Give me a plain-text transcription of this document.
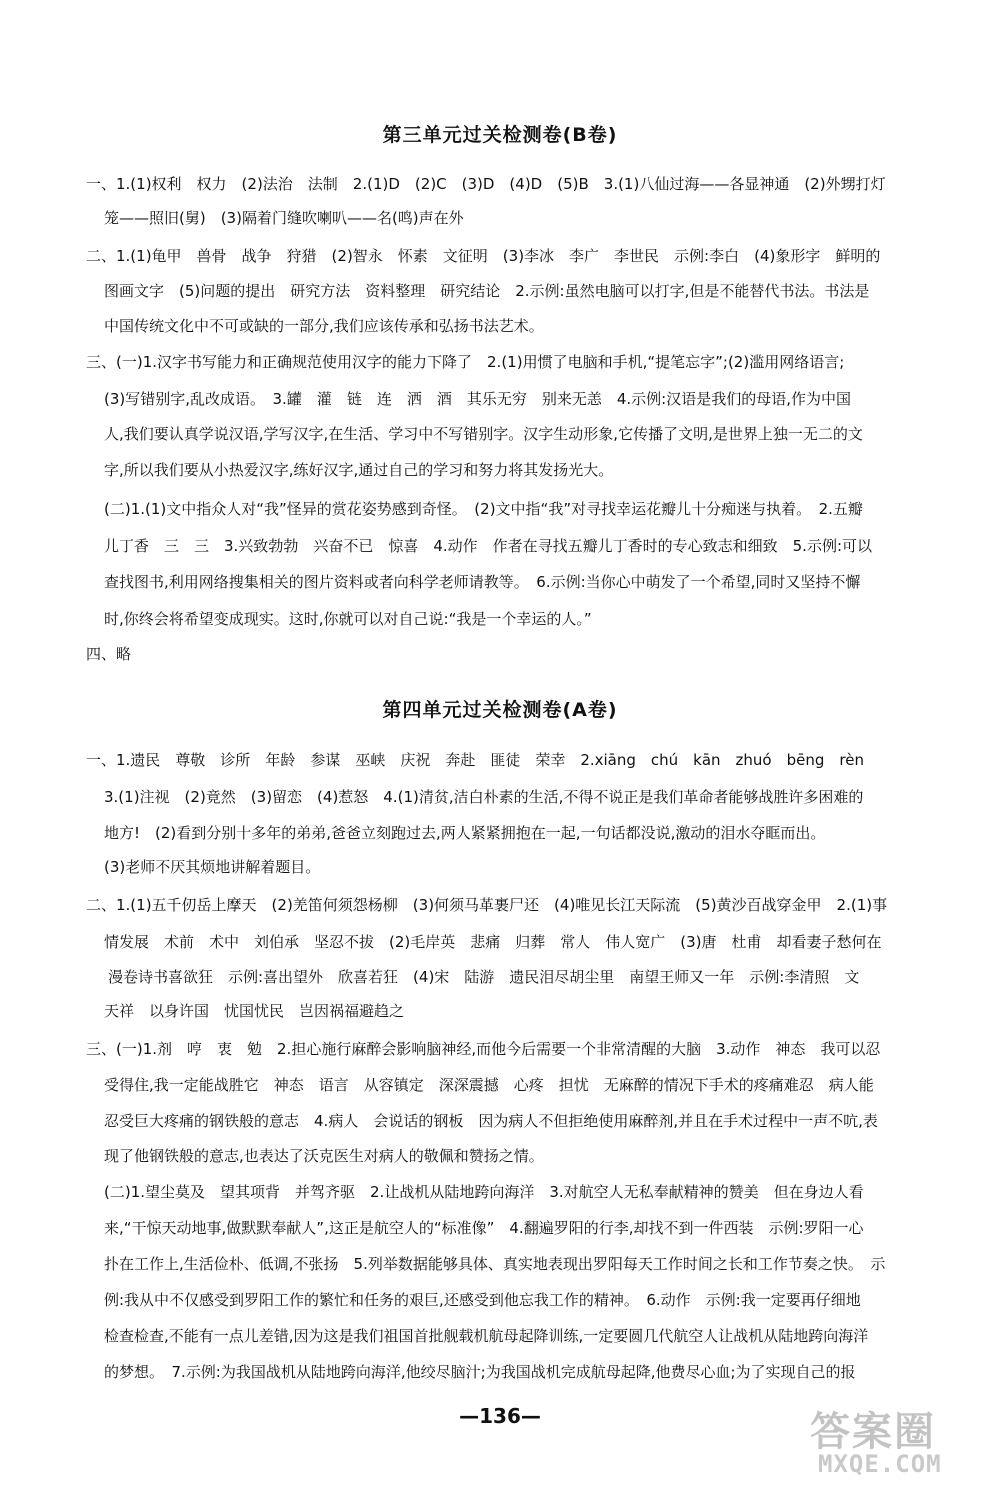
第三单元过关检测卷(B卷)
一、1.(1)权利　权力　(2)法治　法制　2.(1)D　(2)C　(3)D　(4)D　(5)B　3.(1)八仙过海——各显神通　(2)外甥打灯
笼——照旧(舅)　(3)隔着门缝吹喇叭——名(鸣)声在外
二、1.(1)龟甲　兽骨　战争　狩猎　(2)智永　怀素　文征明　(3)李冰　李广　李世民　示例:李白　(4)象形字　鲜明的
图画文字　(5)问题的提出　研究方法　资料整理　研究结论　2.示例:虽然电脑可以打字,但是不能替代书法。书法是
中国传统文化中不可或缺的一部分,我们应该传承和弘扬书法艺术。
三、(一)1.汉字书写能力和正确规范使用汉字的能力下降了　2.(1)用惯了电脑和手机,“提笔忘字”;(2)滥用网络语言;
(3)写错别字,乱改成语。　3.罐　灌　链　连　洒　酒　其乐无穷　别来无恙　4.示例:汉语是我们的母语,作为中国
人,我们要认真学说汉语,学写汉字,在生活、学习中不写错别字。汉字生动形象,它传播了文明,是世界上独一无二的文
字,所以我们要从小热爱汉字,练好汉字,通过自己的学习和努力将其发扬光大。
(二)1.(1)文中指众人对“我”怪异的赏花姿势感到奇怪。　(2)文中指“我”对寻找幸运花瓣儿十分痴迷与执着。　2.五瓣
儿丁香　三　三　3.兴致勃勃　兴奋不已　惊喜　4.动作　作者在寻找五瓣儿丁香时的专心致志和细致　5.示例:可以
查找图书,利用网络搜集相关的图片资料或者向科学老师请教等。　6.示例:当你心中萌发了一个希望,同时又坚持不懈
时,你终会将希望变成现实。这时,你就可以对自己说:“我是一个幸运的人。”
四、略
第四单元过关检测卷(A卷)
一、1.遗民　尊敬　诊所　年龄　参谋　巫峡　庆祝　奔赴　匪徒　荣幸　2.xiāng　chú　kān　zhuó　bēng　rèn
3.(1)注视　(2)竟然　(3)留恋　(4)惹怒　4.(1)清贫,洁白朴素的生活,不得不说正是我们革命者能够战胜许多困难的
地方!　(2)看到分别十多年的弟弟,爸爸立刻跑过去,两人紧紧拥抱在一起,一句话都没说,激动的泪水夺眶而出。
(3)老师不厌其烦地讲解着题目。
二、1.(1)五千仞岳上摩天　(2)羌笛何须怨杨柳　(3)何须马革裹尸还　(4)唯见长江天际流　(5)黄沙百战穿金甲　2.(1)事
情发展　术前　术中　刘伯承　坚忍不拔　(2)毛岸英　悲痛　归葬　常人　伟人宽广　(3)唐　杜甫　却看妻子愁何在
漫卷诗书喜欲狂　示例:喜出望外　欣喜若狂　(4)宋　陆游　遗民泪尽胡尘里　南望王师又一年　示例:李清照　文
天祥　以身许国　忧国忧民　岂因祸福避趋之
三、(一)1.剂　哼　衷　勉　2.担心施行麻醉会影响脑神经,而他今后需要一个非常清醒的大脑　3.动作　神态　我可以忍
受得住,我一定能战胜它　神态　语言　从容镇定　深深震撼　心疼　担忧　无麻醉的情况下手术的疼痛难忍　病人能
忍受巨大疼痛的钢铁般的意志　4.病人　会说话的钢板　因为病人不但拒绝使用麻醉剂,并且在手术过程中一声不吭,表
现了他钢铁般的意志,也表达了沃克医生对病人的敬佩和赞扬之情。
(二)1.望尘莫及　望其项背　并驾齐驱　2.让战机从陆地跨向海洋　3.对航空人无私奉献精神的赞美　但在身边人看
来,“干惊天动地事,做默默奉献人”,这正是航空人的“标准像”　4.翻遍罗阳的行李,却找不到一件西装　示例:罗阳一心
扑在工作上,生活俭朴、低调,不张扬　5.列举数据能够具体、真实地表现出罗阳每天工作时间之长和工作节奏之快。　示
例:我从中不仅感受到罗阳工作的繁忙和任务的艰巨,还感受到他忘我工作的精神。　6.动作　示例:我一定要再仔细地
检查检查,不能有一点儿差错,因为这是我们祖国首批舰载机航母起降训练,一定要圆几代航空人让战机从陆地跨向海洋
的梦想。　7.示例:为我国战机从陆地跨向海洋,他绞尽脑汁;为我国战机完成航母起降,他费尽心血;为了实现自己的报
—136—	答案圈
MXQE.COM
